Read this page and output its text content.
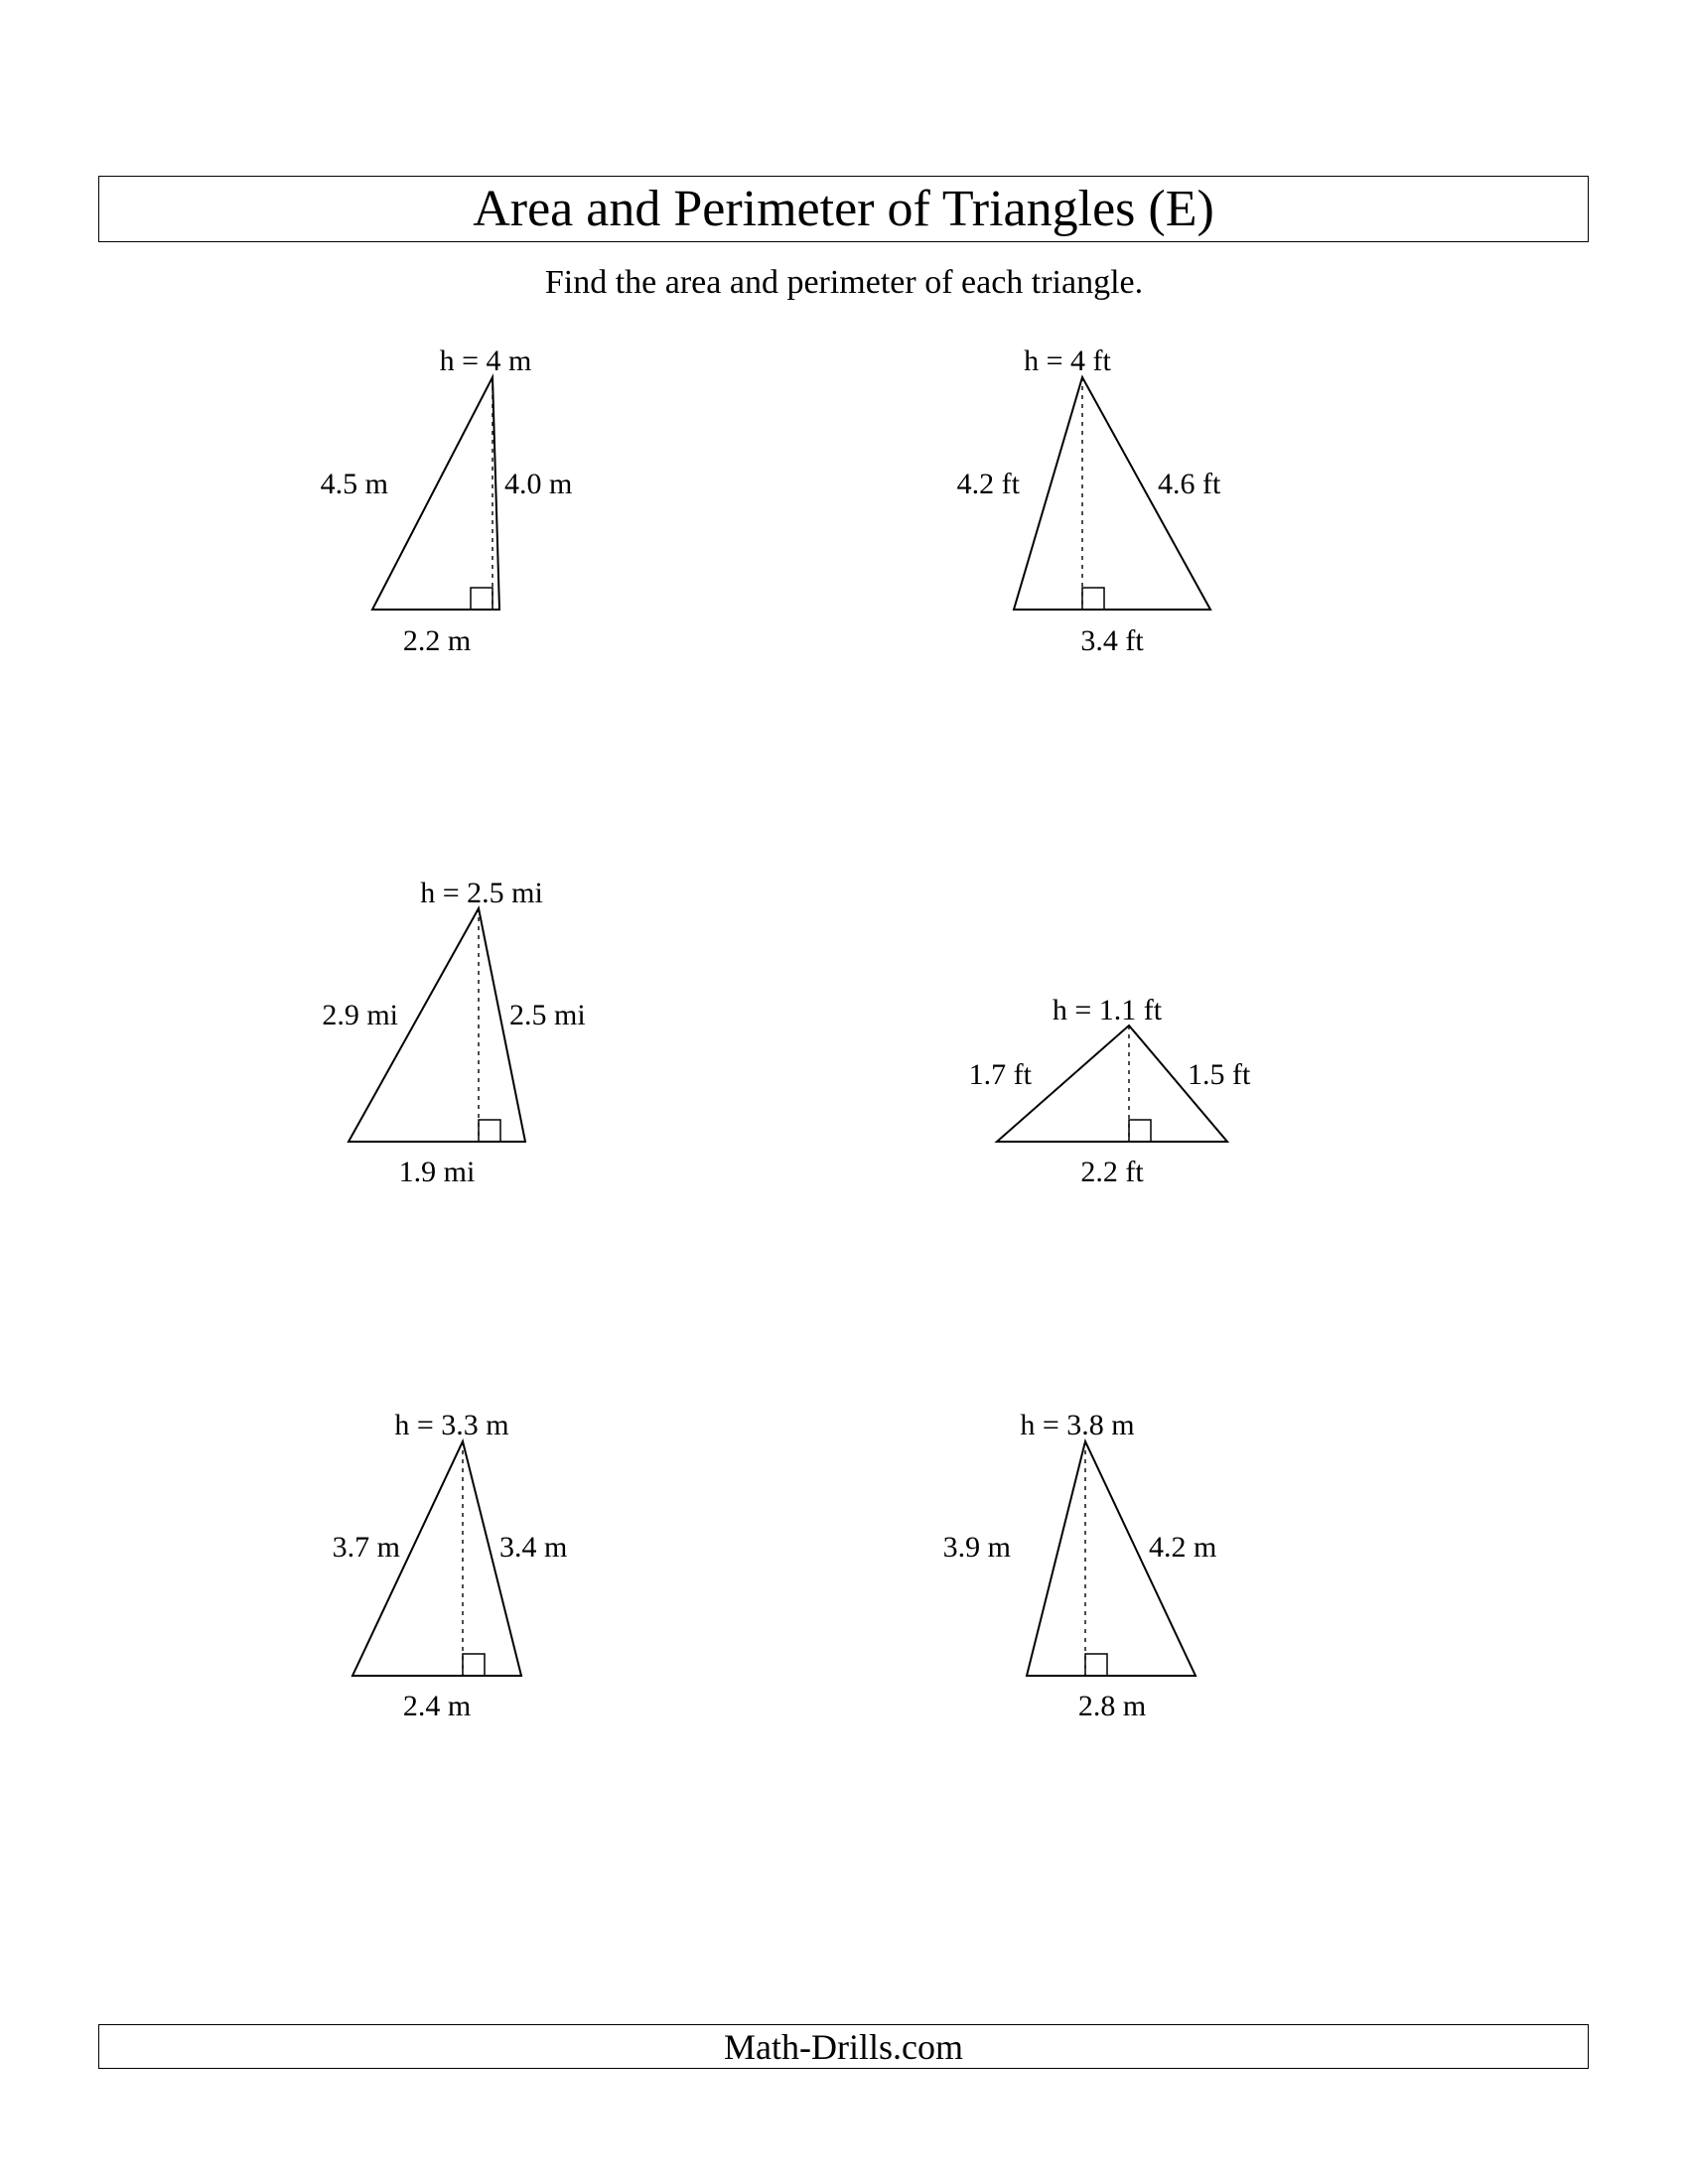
Area and Perimeter of Triangles (E)
Find the area and perimeter of each triangle.
h = 4 m
4.5 m	4.0 m
2.2 m
h = 4 ft
4.2 ft	4.6 ft
3.4 ft
h = 2.5 mi
2.9 mi	2.5 mi
1.9 mi
h = 1.1 ft
1.7 ft	1.5 ft
2.2 ft
h = 3.3 m
3.7 m	3.4 m
2.4 m
h = 3.8 m
3.9 m	4.2 m
2.8 m
Math-Drills.com
